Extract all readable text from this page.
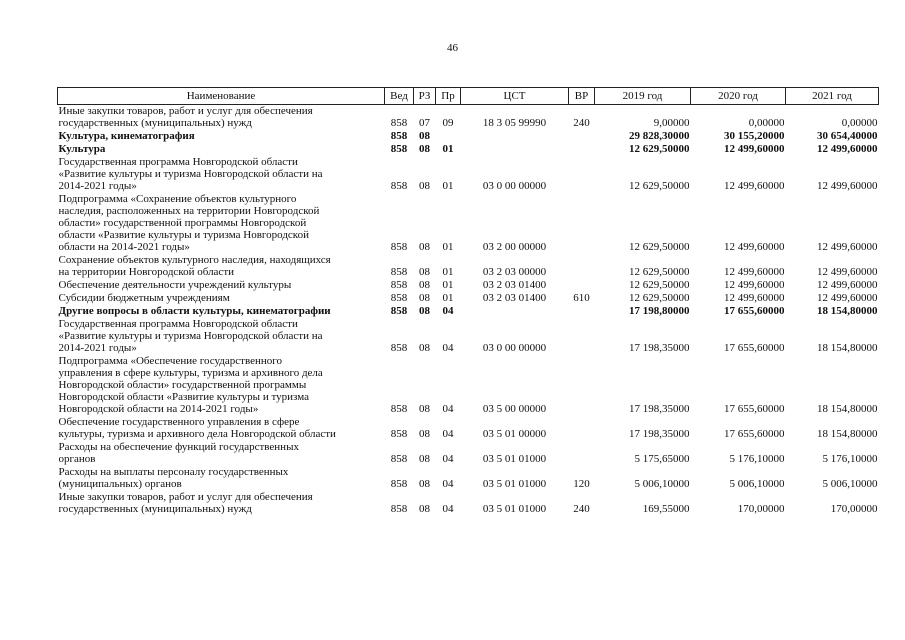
46
Наименование	Вед	РЗ	Пр	ЦСТ	ВР	2019 год	2020 год	2021 год
Иные закупки товаров, работ и услуг для обеспечения
государственных (муниципальных) нужд	858	07	09	18 3 05 99990	240	9,00000	0,00000	0,00000
Культура, кинематография	858	08				29 828,30000	30 155,20000	30 654,40000
Культура	858	08	01			12 629,50000	12 499,60000	12 499,60000
Государственная программа Новгородской области
«Развитие культуры и туризма Новгородской области на
2014-2021 годы»	858	08	01	03 0 00 00000		12 629,50000	12 499,60000	12 499,60000
Подпрограмма «Сохранение объектов культурного
наследия, расположенных на территории Новгородской
области» государственной программы Новгородской
области «Развитие культуры и туризма Новгородской
области на 2014-2021 годы»	858	08	01	03 2 00 00000		12 629,50000	12 499,60000	12 499,60000
Сохранение объектов культурного наследия, находящихся
на территории Новгородской области	858	08	01	03 2 03 00000		12 629,50000	12 499,60000	12 499,60000
Обеспечение деятельности учреждений культуры	858	08	01	03 2 03 01400		12 629,50000	12 499,60000	12 499,60000
Субсидии бюджетным учреждениям	858	08	01	03 2 03 01400	610	12 629,50000	12 499,60000	12 499,60000
Другие вопросы в области культуры, кинематографии	858	08	04			17 198,80000	17 655,60000	18 154,80000
Государственная программа Новгородской области
«Развитие культуры и туризма Новгородской области на
2014-2021 годы»	858	08	04	03 0 00 00000		17 198,35000	17 655,60000	18 154,80000
Подпрограмма «Обеспечение государственного
управления в сфере культуры, туризма и архивного дела
Новгородской области» государственной программы
Новгородской области «Развитие культуры и туризма
Новгородской области на 2014-2021 годы»	858	08	04	03 5 00 00000		17 198,35000	17 655,60000	18 154,80000
Обеспечение государственного управления в сфере
культуры, туризма и архивного дела Новгородской области	858	08	04	03 5 01 00000		17 198,35000	17 655,60000	18 154,80000
Расходы на обеспечение функций государственных
органов	858	08	04	03 5 01 01000		5 175,65000	5 176,10000	5 176,10000
Расходы на выплаты персоналу государственных
(муниципальных) органов	858	08	04	03 5 01 01000	120	5 006,10000	5 006,10000	5 006,10000
Иные закупки товаров, работ и услуг для обеспечения
государственных (муниципальных) нужд	858	08	04	03 5 01 01000	240	169,55000	170,00000	170,00000
